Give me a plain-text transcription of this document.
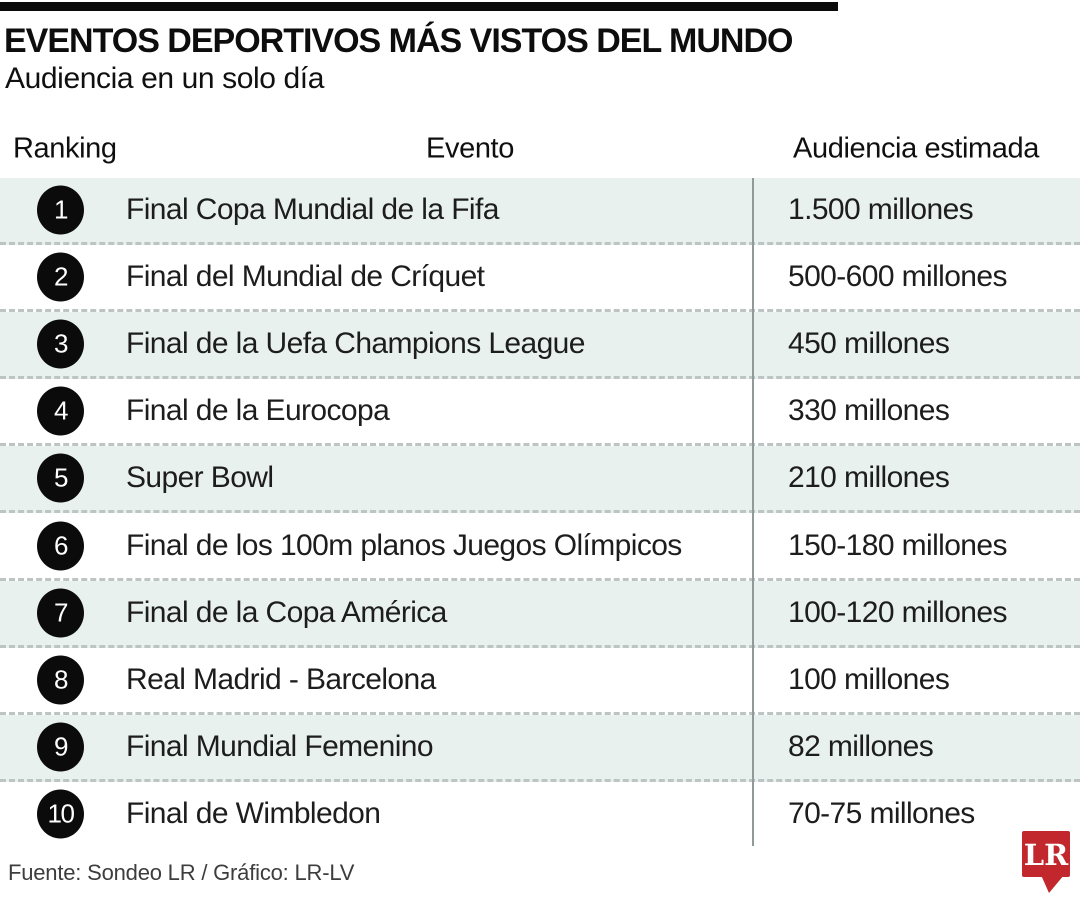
EVENTOS DEPORTIVOS MÁS VISTOS DEL MUNDO
Audiencia en un solo día
Ranking	Evento	Audiencia estimada
1 Final Copa Mundial de la Fifa	1.500 millones
2 Final del Mundial de Críquet	500-600 millones
3 Final de la Uefa Champions League	450 millones
4 Final de la Eurocopa	330 millones
5 Super Bowl	210 millones
6 Final de los 100m planos Juegos Olímpicos	150-180 millones
7 Final de la Copa América	100-120 millones
8 Real Madrid - Barcelona	100 millones
9 Final Mundial Femenino	82 millones
10 Final de Wimbledon	70-75 millones
Fuente: Sondeo LR / Gráfico: LR-LV
LR
